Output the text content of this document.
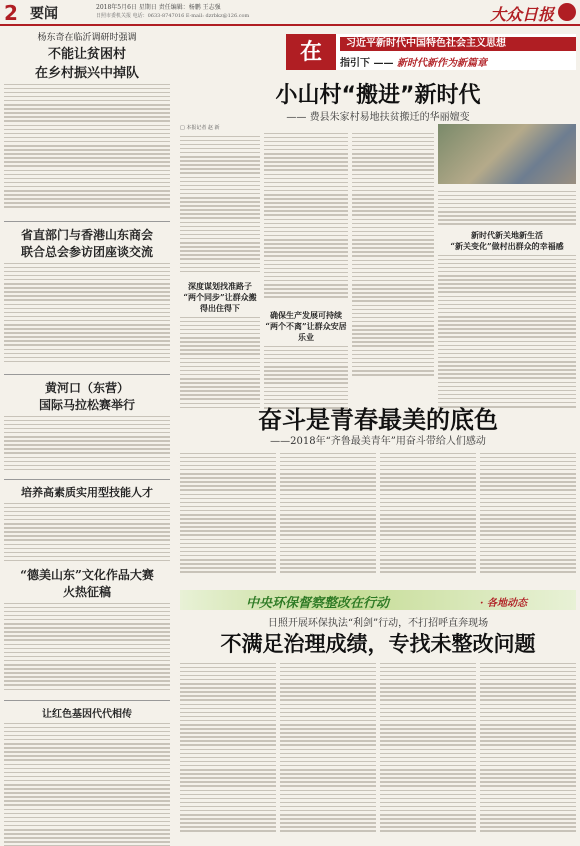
2 要闻	2018年5月6日 星期日 责任编辑：杨鹏 王志强
日照市委机关报 电话：0633-8747016 E-mail: dzrbkz@126.com	大众日报
杨东奇在临沂调研时强调
不能让贫困村
在乡村振兴中掉队
省直部门与香港山东商会
联合总会参访团座谈交流
黄河口（东营）
国际马拉松赛举行
培养高素质实用型技能人才
“德美山东”文化作品大赛
火热征稿
让红色基因代代相传
在	习近平新时代中国特色社会主义思想
指引下 —— 新时代新作为新篇章
小山村“搬进”新时代
—— 费县朱家村易地扶贫搬迁的华丽嬗变
□ 本报记者 赵 新
深度谋划找准路子
“两个同步”让群众搬得出住得下
确保生产发展可持续
“两个不离”让群众安居乐业
新时代新关地新生活
“新关变化”做村出群众的幸福感
奋斗是青春最美的底色
——2018年“齐鲁最美青年”用奋斗带给人们感动
中央环保督察整改在行动	· 各地动态
日照开展环保执法“利剑”行动，不打招呼直奔现场
不满足治理成绩，专找未整改问题
